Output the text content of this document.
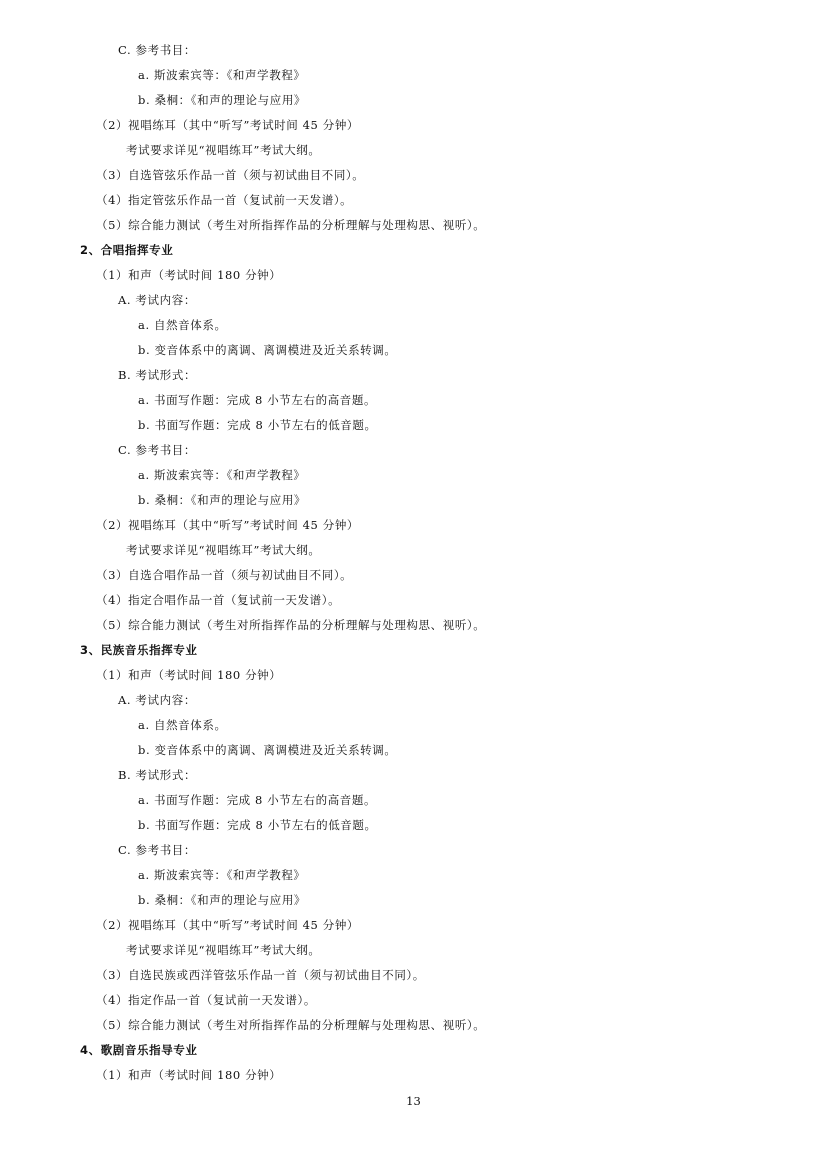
C. 参考书目：
a. 斯波索宾等：《和声学教程》
b. 桑桐：《和声的理论与应用》
（2）视唱练耳（其中“听写”考试时间 45 分钟）
考试要求详见“视唱练耳”考试大纲。
（3）自选管弦乐作品一首（须与初试曲目不同）。
（4）指定管弦乐作品一首（复试前一天发谱）。
（5）综合能力测试（考生对所指挥作品的分析理解与处理构思、视听）。
2、合唱指挥专业
（1）和声（考试时间 180 分钟）
A. 考试内容：
a. 自然音体系。
b. 变音体系中的离调、离调模进及近关系转调。
B. 考试形式：
a. 书面写作题：完成 8 小节左右的高音题。
b. 书面写作题：完成 8 小节左右的低音题。
C. 参考书目：
a. 斯波索宾等：《和声学教程》
b. 桑桐：《和声的理论与应用》
（2）视唱练耳（其中“听写”考试时间 45 分钟）
考试要求详见“视唱练耳”考试大纲。
（3）自选合唱作品一首（须与初试曲目不同）。
（4）指定合唱作品一首（复试前一天发谱）。
（5）综合能力测试（考生对所指挥作品的分析理解与处理构思、视听）。
3、民族音乐指挥专业
（1）和声（考试时间 180 分钟）
A. 考试内容：
a. 自然音体系。
b. 变音体系中的离调、离调模进及近关系转调。
B. 考试形式：
a. 书面写作题：完成 8 小节左右的高音题。
b. 书面写作题：完成 8 小节左右的低音题。
C. 参考书目：
a. 斯波索宾等：《和声学教程》
b. 桑桐：《和声的理论与应用》
（2）视唱练耳（其中“听写”考试时间 45 分钟）
考试要求详见“视唱练耳”考试大纲。
（3）自选民族或西洋管弦乐作品一首（须与初试曲目不同）。
（4）指定作品一首（复试前一天发谱）。
（5）综合能力测试（考生对所指挥作品的分析理解与处理构思、视听）。
4、歌剧音乐指导专业
（1）和声（考试时间 180 分钟）
13
